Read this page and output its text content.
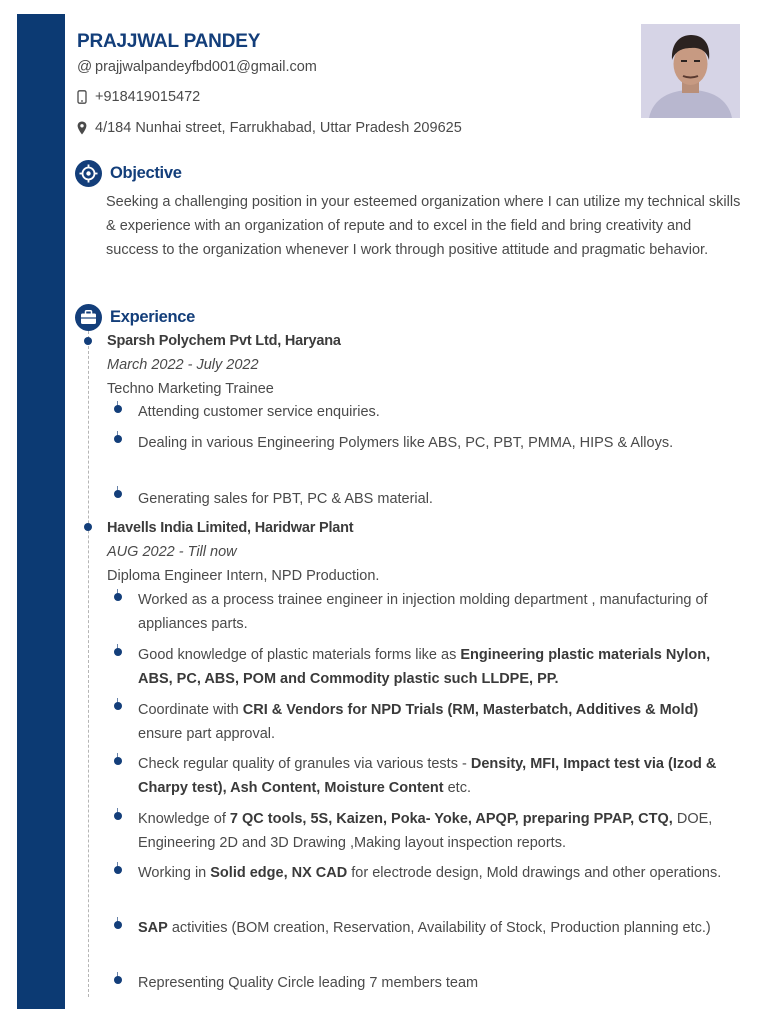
PRAJJWAL PANDEY
@ prajjwalpandeyfbd001@gmail.com
+918419015472
4/184 Nunhai street, Farrukhabad, Uttar Pradesh 209625
Objective
Seeking a challenging position in your esteemed organization where I can utilize my technical skills & experience with an organization of repute and to excel in the field and bring creativity and success to the organization whenever I work through positive attitude and pragmatic behavior.
Experience
Sparsh Polychem Pvt Ltd, Haryana
March 2022 - July 2022
Techno Marketing Trainee
Attending customer service enquiries.
Dealing in various Engineering Polymers like ABS, PC, PBT, PMMA, HIPS & Alloys.
Generating sales for PBT, PC & ABS material.
Havells India Limited, Haridwar Plant
AUG 2022 - Till now
Diploma Engineer Intern, NPD Production.
Worked as a process trainee engineer in injection molding department , manufacturing of appliances parts.
Good knowledge of plastic materials forms like as Engineering plastic materials Nylon, ABS, PC, ABS, POM and Commodity plastic such LLDPE, PP.
Coordinate with CRI & Vendors for NPD Trials (RM, Masterbatch, Additives & Mold) ensure part approval.
Check regular quality of granules via various tests - Density, MFI, Impact test via (Izod & Charpy test), Ash Content, Moisture Content etc.
Knowledge of 7 QC tools, 5S, Kaizen, Poka- Yoke, APQP, preparing PPAP, CTQ, DOE, Engineering 2D and 3D Drawing ,Making layout inspection reports.
Working in Solid edge, NX CAD for electrode design, Mold drawings and other operations.
SAP activities (BOM creation, Reservation, Availability of Stock, Production planning etc.)
Representing Quality Circle leading 7 members team
